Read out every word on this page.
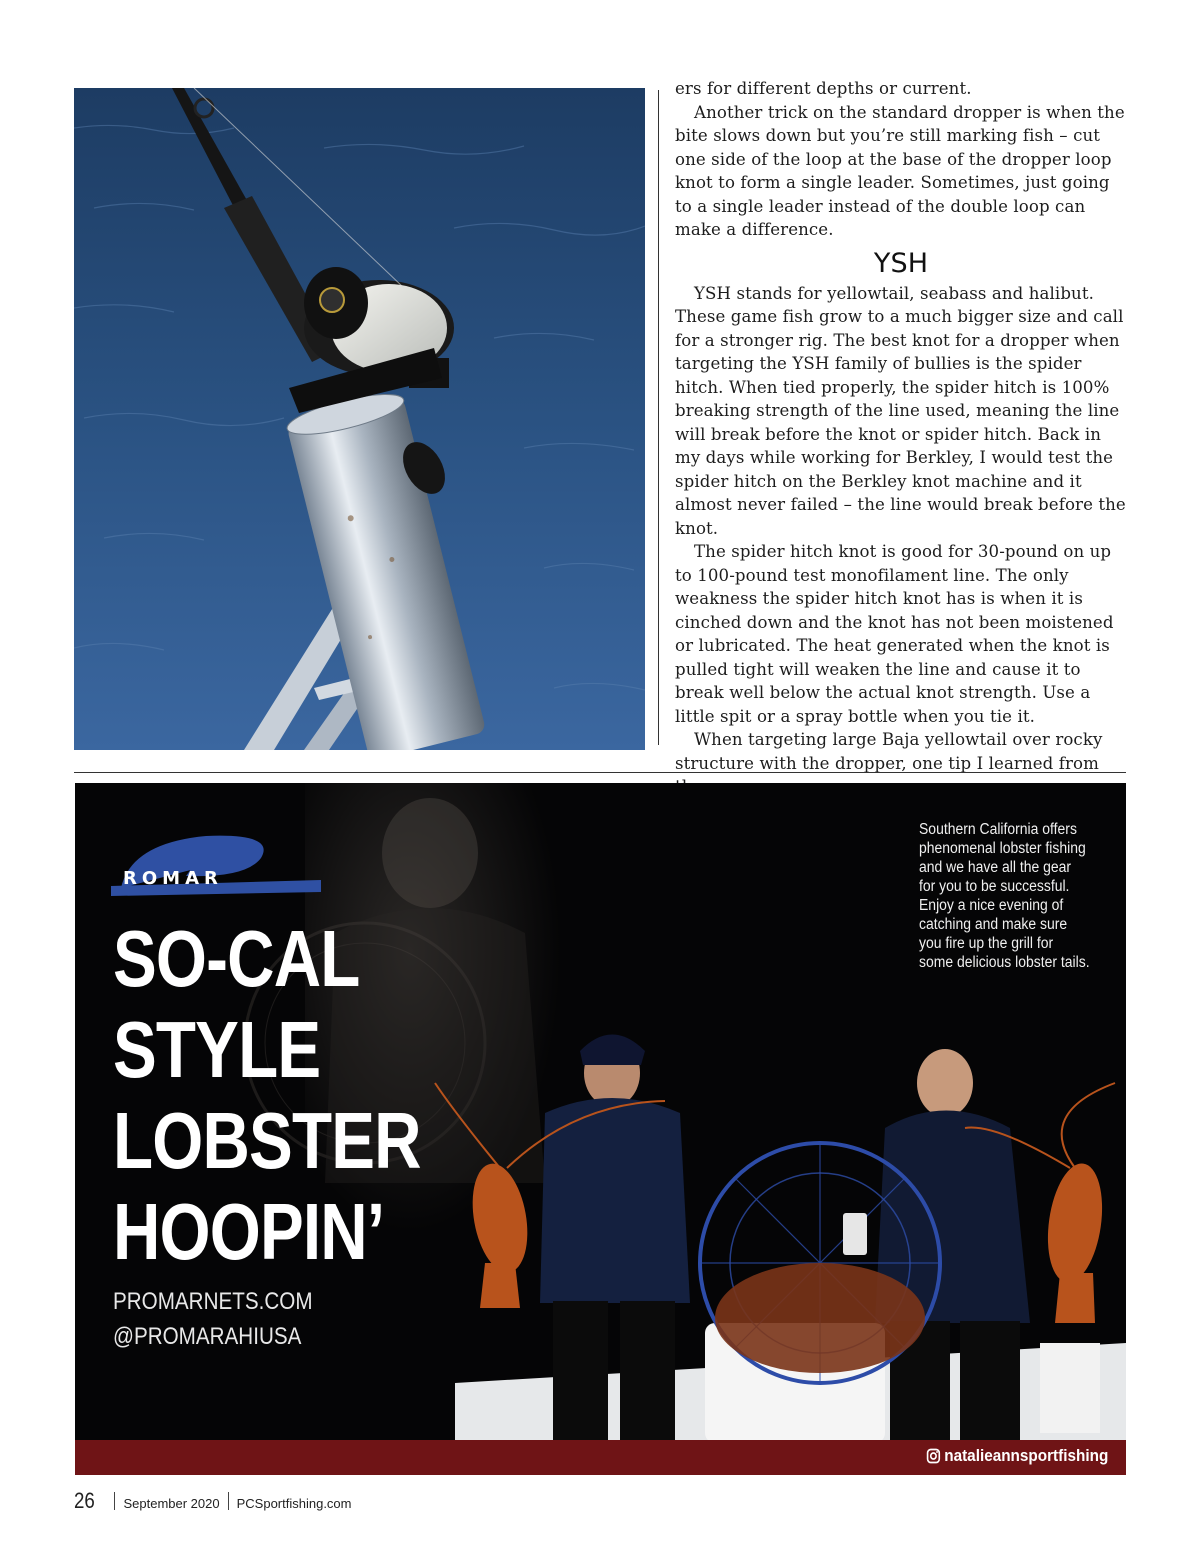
ers for different depths or current.

Another trick on the standard dropper is when the bite slows down but you’re still marking fish – cut one side of the loop at the base of the dropper loop knot to form a single leader. Sometimes, just going to a single leader instead of the double loop can make a difference.

YSH

YSH stands for yellowtail, seabass and halibut. These game fish grow to a much bigger size and call for a stronger rig. The best knot for a dropper when targeting the YSH family of bullies is the spider hitch. When tied properly, the spider hitch is 100% breaking strength of the line used, meaning the line will break before the knot or spider hitch. Back in my days while working for Berkley, I would test the spider hitch on the Berkley knot machine and it almost never failed – the line would break before the knot.

The spider hitch knot is good for 30-pound on up to 100-pound test monofilament line. The only weakness the spider hitch knot has is when it is cinched down and the knot has not been moistened or lubricated. The heat generated when the knot is pulled tight will weaken the line and cause it to break well below the actual knot strength. Use a little spit or a spray bottle when you tie it.

When targeting large Baja yellowtail over rocky structure with the dropper, one tip I learned from

ROMAR
SO-CAL
STYLE
LOBSTER
HOOPIN’
PROMARNETS.COM
@PROMARAHIUSA
Southern California offers
phenomenal lobster fishing
and we have all the gear
for you to be successful.
Enjoy a nice evening of
catching and make sure
you fire up the grill for
some delicious lobster tails.
natalieannsportfishing
26 September 2020 PCSportfishing.com
